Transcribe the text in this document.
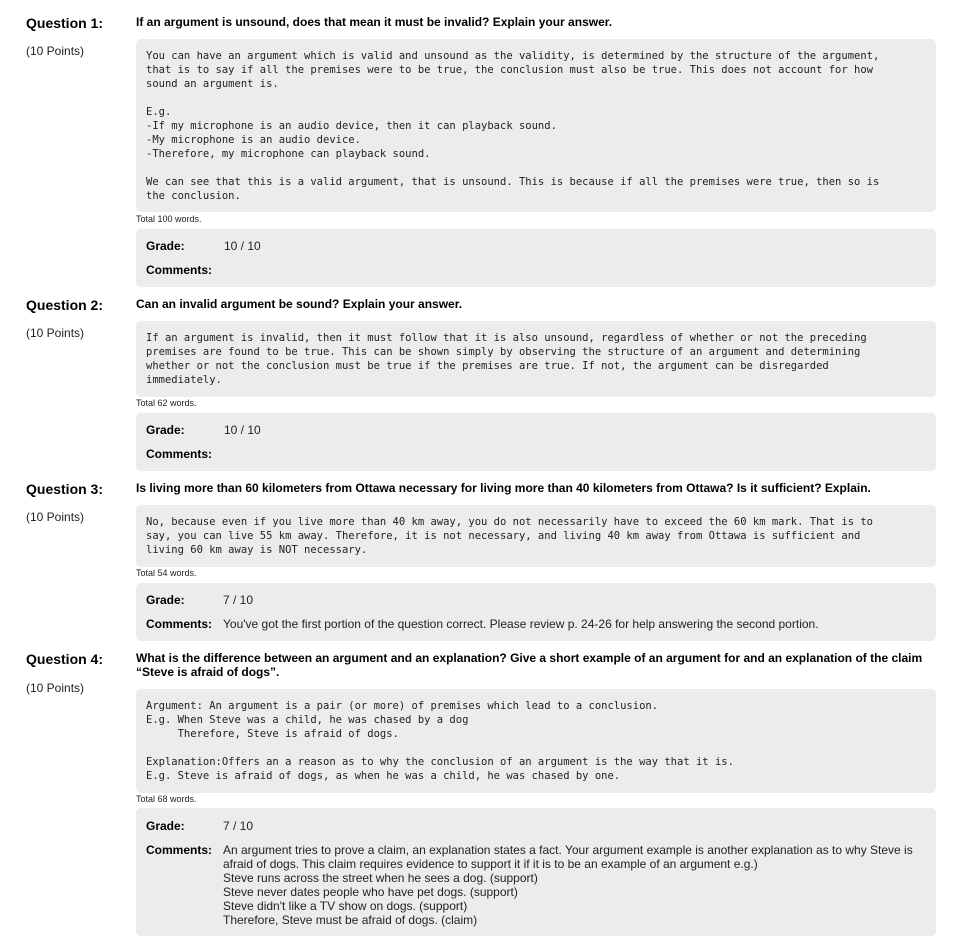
Question 1:
(10 Points)
If an argument is unsound, does that mean it must be invalid? Explain your answer.
You can have an argument which is valid and unsound as the validity, is determined by the structure of the argument,
that is to say if all the premises were to be true, the conclusion must also be true. This does not account for how
sound an argument is.

E.g.
-If my microphone is an audio device, then it can playback sound.
-My microphone is an audio device.
-Therefore, my microphone can playback sound.

We can see that this is a valid argument, that is unsound. This is because if all the premises were true, then so is
the conclusion.
Total 100 words.
Grade:	10 / 10
Comments:
Question 2:
(10 Points)
Can an invalid argument be sound? Explain your answer.
If an argument is invalid, then it must follow that it is also unsound, regardless of whether or not the preceding
premises are found to be true. This can be shown simply by observing the structure of an argument and determining
whether or not the conclusion must be true if the premises are true. If not, the argument can be disregarded
immediately.
Total 62 words.
Grade:	10 / 10
Comments:
Question 3:
(10 Points)
Is living more than 60 kilometers from Ottawa necessary for living more than 40 kilometers from Ottawa? Is it sufficient? Explain.
No, because even if you live more than 40 km away, you do not necessarily have to exceed the 60 km mark. That is to
say, you can live 55 km away. Therefore, it is not necessary, and living 40 km away from Ottawa is sufficient and
living 60 km away is NOT necessary.
Total 54 words.
Grade:	7 / 10
Comments: You've got the first portion of the question correct. Please review p. 24-26 for help answering the second portion.
Question 4:
(10 Points)
What is the difference between an argument and an explanation? Give a short example of an argument for and an explanation of the claim “Steve is afraid of dogs”.
Argument: An argument is a pair (or more) of premises which lead to a conclusion.
E.g. When Steve was a child, he was chased by a dog
Therefore, Steve is afraid of dogs.

Explanation:Offers an a reason as to why the conclusion of an argument is the way that it is.
E.g. Steve is afraid of dogs, as when he was a child, he was chased by one.
Total 68 words.
Grade:	7 / 10
Comments: An argument tries to prove a claim, an explanation states a fact. Your argument example is another explanation as to why Steve is
afraid of dogs. This claim requires evidence to support it if it is to be an example of an argument e.g.)
Steve runs across the street when he sees a dog. (support)
Steve never dates people who have pet dogs. (support)
Steve didn't like a TV show on dogs. (support)
Therefore, Steve must be afraid of dogs. (claim)
